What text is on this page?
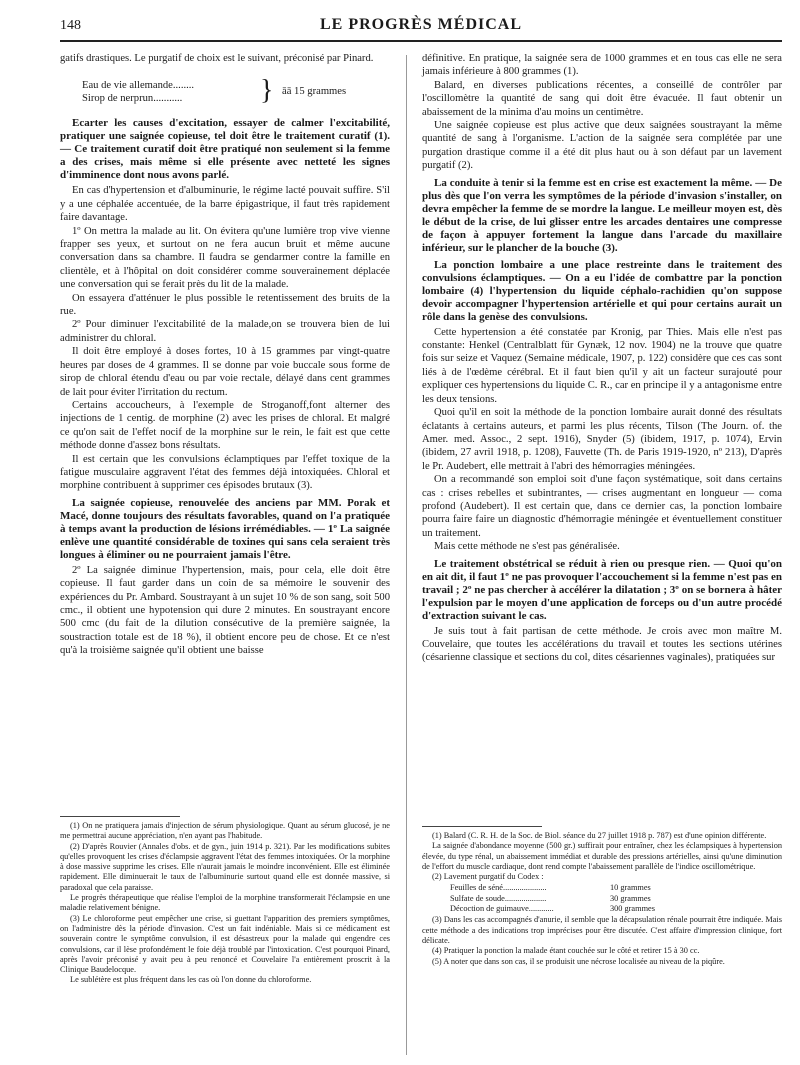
148	LE PROGRÈS MÉDICAL

gatifs drastiques. Le purgatif de choix est le suivant, préconisé par Pinard.

Eau de vie allemande........
Sirop de nerprun...........	} āā 15 grammes
Ecarter les causes d'excitation, essayer de calmer l'excitabilité, pratiquer une saignée copieuse, tel doit être le traitement curatif (1). — Ce traitement curatif doit être pratiqué non seulement si la femme a des crises, mais même si elle présente avec netteté les signes d'imminence dont nous avons parlé.

En cas d'hypertension et d'albuminurie, le régime lacté pouvait suffire. S'il y a une céphalée accentuée, de la barre épigastrique, il faut très rapidement faire davantage.

1º On mettra la malade au lit. On évitera qu'une lumière trop vive vienne frapper ses yeux, et surtout on ne fera aucun bruit et même aucune conversation dans sa chambre. Il faudra se gendarmer contre la famille en clientèle, et à l'hôpital on doit considérer comme souverainement déplacée une conversation qui se ferait près du lit de la malade.

On essayera d'atténuer le plus possible le retentissement des bruits de la rue.

2º Pour diminuer l'excitabilité de la malade,on se trouvera bien de lui administrer du chloral.

Il doit être employé à doses fortes, 10 à 15 grammes par vingt-quatre heures par doses de 4 grammes. Il se donne par voie buccale sous forme de sirop de chloral étendu d'eau ou par voie rectale, délayé dans cent grammes de lait pour éviter l'irritation du rectum.

Certains accoucheurs, à l'exemple de Stroganoff,font alterner des injections de 1 centig. de morphine (2) avec les prises de chloral. Et malgré ce qu'on sait de l'effet nocif de la morphine sur le rein, le fait est que cette méthode donne d'assez bons résultats.

Il est certain que les convulsions éclamptiques par l'effet toxique de la fatigue musculaire aggravent l'état des femmes déjà intoxiquées. Chloral et morphine contribuent à supprimer ces épisodes brutaux (3).

La saignée copieuse, renouvelée des anciens par MM. Porak et Macé, donne toujours des résultats favorables, quand on l'a pratiquée à temps avant la production de lésions irrémédiables. — 1º La saignée enlève une quantité considérable de toxines qui sans cela seraient très longues à éliminer ou ne pourraient jamais l'être.

2º La saignée diminue l'hypertension, mais, pour cela, elle doit être copieuse. Il faut garder dans un coin de sa mémoire le souvenir des expériences du Pr. Ambard. Soustrayant à un sujet 10 % de son sang, soit 500 cmc., il obtient une hypotension qui dure 2 minutes. En soustrayant encore 500 cmc (du fait de la dilution consécutive de la première saignée, la soustraction totale est de 18 %), il obtient encore peu de chose. Et ce n'est qu'à la troisième saignée qu'il obtient une baisse

(1) On ne pratiquera jamais d'injection de sérum physiologique. Quant au sérum glucosé, je ne me permettrai aucune appréciation, n'en ayant pas l'habitude.

(2) D'après Rouvier (Annales d'obs. et de gyn., juin 1914 p. 321). Par les modifications subites qu'elles provoquent les crises d'éclampsie aggravent l'état des femmes intoxiquées. Or la morphine à dose massive supprime les crises. Elle n'aurait jamais le moindre inconvénient. Elle est éliminée rapidement. Elle diminuerait le taux de l'albuminurie surtout quand elle est donnée massive, si paradoxal que cela paraisse.

Le progrès thérapeutique que réalise l'emploi de la morphine transformerait l'éclampsie en une maladie relativement bénigne.

(3) Le chloroforme peut empêcher une crise, si guettant l'apparition des premiers symptômes, on l'administre dès la période d'invasion. C'est un fait indéniable. Mais si ce médicament est souverain contre le symptôme convulsion, il est désastreux pour la malade qui engendre ces convulsions, car il lèse profondément le foie déjà troublé par l'intoxication. C'est pourquoi Pinard, après l'avoir préconisé y avait peu à peu renoncé et Couvelaire l'a entièrement proscrit à la Clinique Baudelocque.

Le sublétère est plus fréquent dans les cas où l'on donne du chloroforme.

définitive. En pratique, la saignée sera de 1000 grammes et en tous cas elle ne sera jamais inférieure à 800 grammes (1).

Balard, en diverses publications récentes, a conseillé de contrôler par l'oscillomètre la quantité de sang qui doit être évacuée. Il faut obtenir un abaissement de la minima d'au moins un centimètre.

Une saignée copieuse est plus active que deux saignées soustrayant la même quantité de sang à l'organisme. L'action de la saignée sera complétée par une purgation drastique comme il a été dit plus haut ou à son défaut par un lavement purgatif (2).

La conduite à tenir si la femme est en crise est exactement la même. — De plus dès que l'on verra les symptômes de la période d'invasion s'installer, on devra empêcher la femme de se mordre la langue. Le meilleur moyen est, dès le début de la crise, de lui glisser entre les arcades dentaires une compresse de façon à appuyer fortement la langue dans l'arcade du maxillaire inférieur, sur le plancher de la bouche (3).
La ponction lombaire a une place restreinte dans le traitement des convulsions éclamptiques. — On a eu l'idée de combattre par la ponction lombaire (4) l'hypertension du liquide céphalo-rachidien qu'on suppose devoir accompagner l'hypertension artérielle et qui pour certains aurait un rôle dans la genèse des convulsions.

Cette hypertension a été constatée par Kronig, par Thies. Mais elle n'est pas constante: Henkel (Centralblatt für Gynæk, 12 nov. 1904) ne la trouve que quatre fois sur seize et Vaquez (Semaine médicale, 1907, p. 122) considère que ces cas sont liés à de l'œdème cérébral. Et il faut bien qu'il y ait un facteur surajouté pour expliquer ces hypertensions du liquide C. R., car en principe il y a antagonisme entre les deux tensions.

Quoi qu'il en soit la méthode de la ponction lombaire aurait donné des résultats éclatants à certains auteurs, et parmi les plus récents, Tilson (The Journ. of. the Amer. med. Assoc., 2 sept. 1916), Snyder (5) (ibidem, 1917, p. 1074), Ervin (ibidem, 27 avril 1918, p. 1208), Fauvette (Th. de Paris 1919-1920, nº 213), D'après le Pr. Audebert, elle mettrait à l'abri des hémorragies méningées.

On a recommandé son emploi soit d'une façon systématique, soit dans certains cas : crises rebelles et subintrantes, — crises augmentant en longueur — coma profond (Audebert). Il est certain que, dans ce dernier cas, la ponction lombaire pourra faire faire un diagnostic d'hémorragie méningée et éventuellement constituer un traitement.

Mais cette méthode ne s'est pas généralisée.

Le traitement obstétrical se réduit à rien ou presque rien. — Quoi qu'on en ait dit, il faut 1º ne pas provoquer l'accouchement si la femme n'est pas en travail ; 2º ne pas chercher à accélérer la dilatation ; 3º on se bornera à hâter l'expulsion par le moyen d'une application de forceps ou d'un autre procédé d'extraction suivant le cas.

Je suis tout à fait partisan de cette méthode. Je crois avec mon maître M. Couvelaire, que toutes les accélérations du travail et toutes les sections utérines (césarienne classique et sections du col, dites césariennes vaginales), pratiquées sur

(1) Balard (C. R. H. de la Soc. de Biol. séance du 27 juillet 1918 p. 787) est d'une opinion différente.

La saignée d'abondance moyenne (500 gr.) suffirait pour entraîner, chez les éclampsiques à hypertension élevée, du type rénal, un abaissement immédiat et durable des pressions artérielles, ainsi qu'une diminution de l'effort du muscle cardiaque, dont rend compte l'abaissement parallèle de l'indice oscillométrique.

(2) Lavement purgatif du Codex :

Feuilles de séné.....................	10 grammes
Sulfate de soude....................	30 grammes
Décoction de guimauve............	300 grammes

(3) Dans les cas accompagnés d'anurie, il semble que la décapsulation rénale pourrait être indiquée. Mais cette méthode a des indications trop imprécises pour être discutée. C'est affaire d'impression clinique, fort délicate.

(4) Pratiquer la ponction la malade étant couchée sur le côté et retirer 15 à 30 cc.

(5) A noter que dans son cas, il se produisit une nécrose localisée au niveau de la piqûre.
